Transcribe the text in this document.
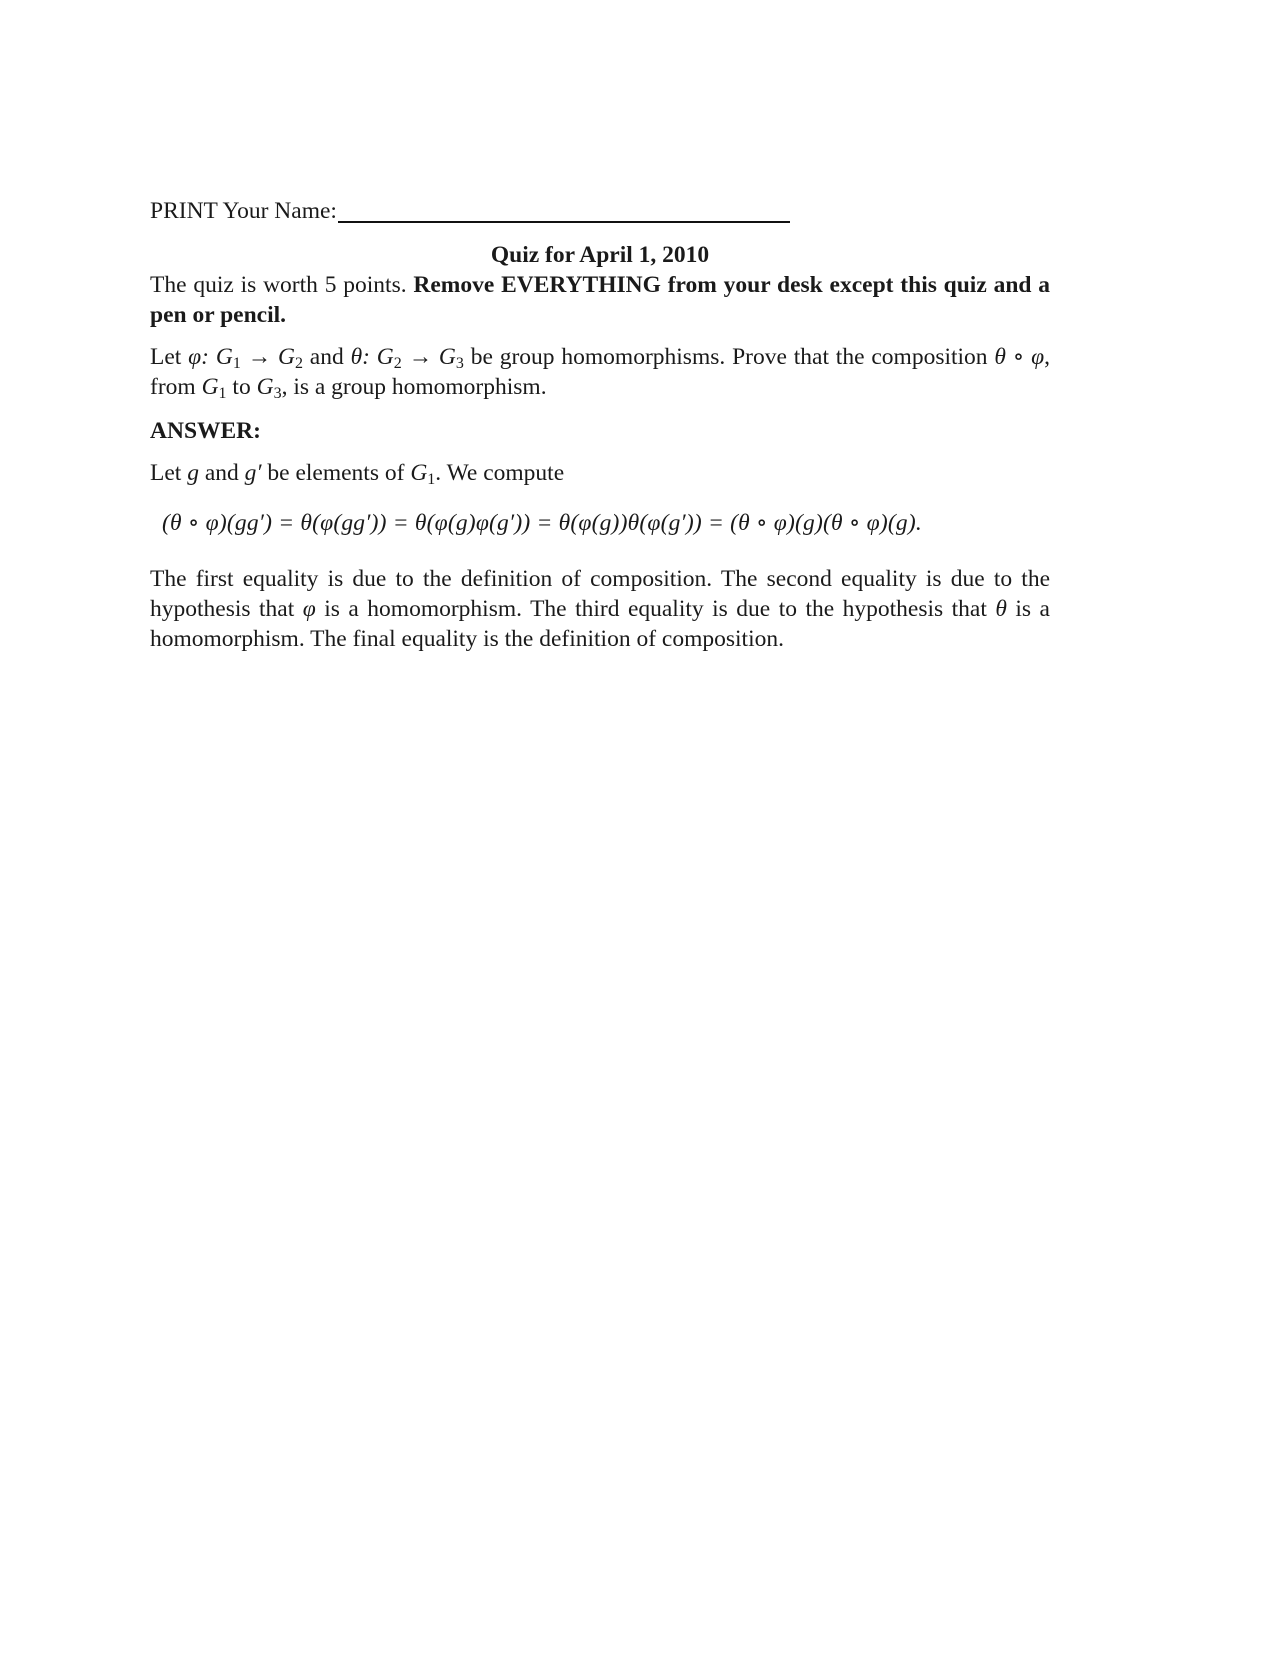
PRINT Your Name:
Quiz for April 1, 2010
The quiz is worth 5 points. Remove EVERYTHING from your desk except this quiz and a pen or pencil.
Let φ: $G_1 \to G_2$ and θ: $G_2 \to G_3$ be group homomorphisms. Prove that the composition θ ∘ φ, from $G_1$ to $G_3$, is a group homomorphism.
ANSWER:
Let g and g′ be elements of $G_1$. We compute
(θ ∘ φ)(gg′) = θ(φ(gg′)) = θ(φ(g)φ(g′)) = θ(φ(g))θ(φ(g′)) = (θ ∘ φ)(g)(θ ∘ φ)(g).
The first equality is due to the definition of composition. The second equality is due to the hypothesis that φ is a homomorphism. The third equality is due to the hypothesis that θ is a homomorphism. The final equality is the definition of composition.
